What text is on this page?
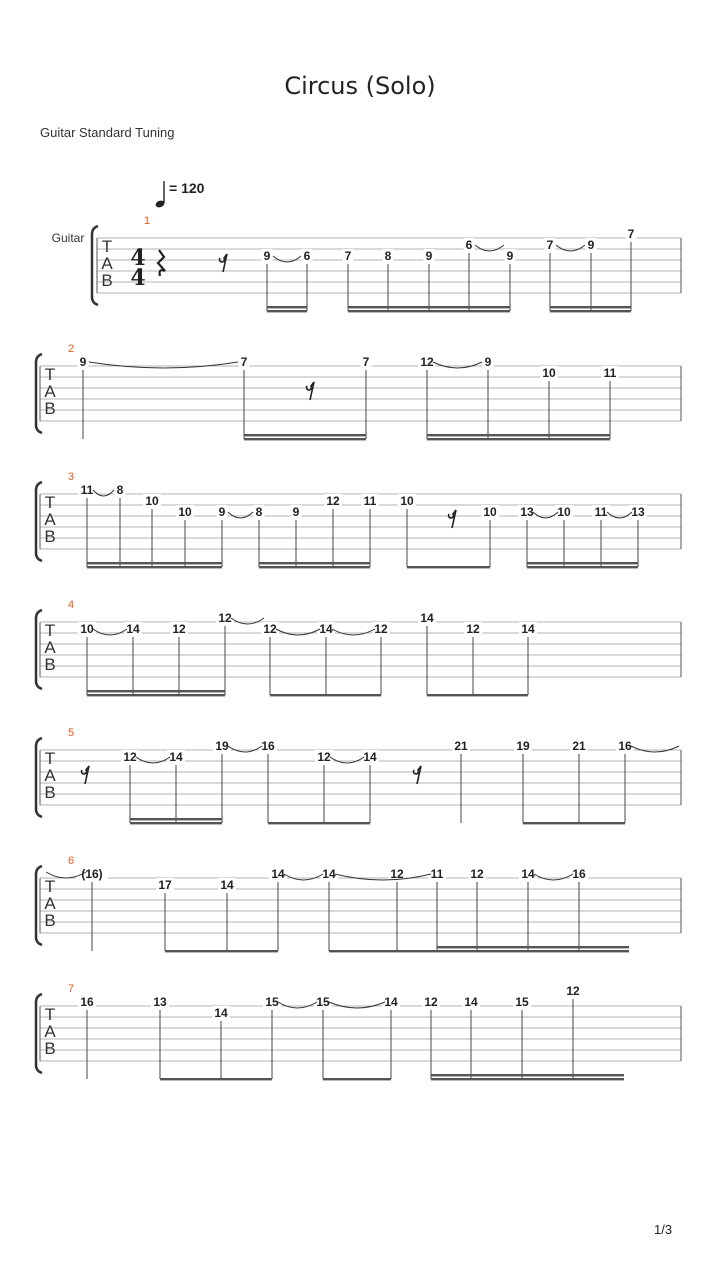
Circus (Solo)
Guitar Standard Tuning
1/3
T
A
B
1
Guitar
4
4
= 120
9	6	7	8	9
6
9
7	9
7
T
A
B
2
9	7	7	12	9
10	11
T
A
B
3
11 8
10
10 9	8	9
12 11 10
10 13 10 11 13
T
A
B
4
10	14	12
12
12	14	12
14
12	14
T
A
B
5
12	14
19	16
12	14
21	19	21	16
T
A
B
6
(16)
17	14
14	14	12 11 12	14	16
T
A
B
7
16	13
14
15	15	14 12 14	15
12
